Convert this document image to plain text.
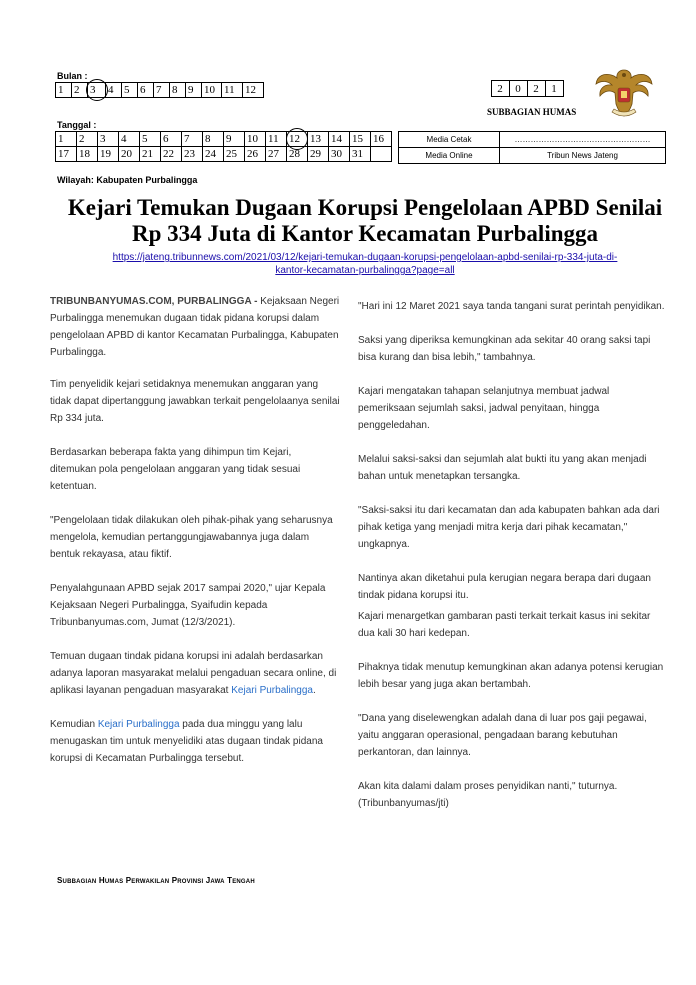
Bulan :
1	2	3	4	5	6	7	8	9	10	11	12
Tanggal :
1	2	3	4	5	6	7	8	9	10	11	12	13	14	15	16
17	18	19	20	21	22	23	24	25	26	27	28	29	30	31	
2	0	2	1
SUBBAGIAN HUMAS
Media Cetak	……………………………………………
Media Online	Tribun News Jateng
Wilayah: Kabupaten Purbalingga
Kejari Temukan Dugaan Korupsi Pengelolaan APBD Senilai
Rp 334 Juta di Kantor Kecamatan Purbalingga
https://jateng.tribunnews.com/2021/03/12/kejari-temukan-dugaan-korupsi-pengelolaan-apbd-senilai-rp-334-juta-di-
kantor-kecamatan-purbalingga?page=all

TRIBUNBANYUMAS.COM, PURBALINGGA - Kejaksaan Negeri Purbalingga menemukan dugaan tidak pidana korupsi dalam pengelolaan APBD di kantor Kecamatan Purbalingga, Kabupaten Purbalingga.

Tim penyelidik kejari setidaknya menemukan anggaran yang tidak dapat dipertanggung jawabkan terkait pengelolaanya senilai Rp 334 juta.

Berdasarkan beberapa fakta yang dihimpun tim Kejari, ditemukan pola pengelolaan anggaran yang tidak sesuai ketentuan.

"Pengelolaan tidak dilakukan oleh pihak-pihak yang seharusnya mengelola, kemudian pertanggungjawabannya juga dalam bentuk rekayasa, atau fiktif.

Penyalahgunaan APBD sejak 2017 sampai 2020," ujar Kepala Kejaksaan Negeri Purbalingga, Syaifudin kepada Tribunbanyumas.com, Jumat (12/3/2021).

Temuan dugaan tindak pidana korupsi ini adalah berdasarkan adanya laporan masyarakat melalui pengaduan secara online, di aplikasi layanan pengaduan masyarakat Kejari Purbalingga.

Kemudian Kejari Purbalingga pada dua minggu yang lalu menugaskan tim untuk menyelidiki atas dugaan tindak pidana korupsi di Kecamatan Purbalingga tersebut.

"Hari ini 12 Maret 2021 saya tanda tangani surat perintah penyidikan.

Saksi yang diperiksa kemungkinan ada sekitar 40 orang saksi tapi bisa kurang dan bisa lebih," tambahnya.

Kajari mengatakan tahapan selanjutnya membuat jadwal pemeriksaan sejumlah saksi, jadwal penyitaan, hingga penggeledahan.

Melalui saksi-saksi dan sejumlah alat bukti itu yang akan menjadi bahan untuk menetapkan tersangka.

"Saksi-saksi itu dari kecamatan dan ada kabupaten bahkan ada dari pihak ketiga yang menjadi mitra kerja dari pihak kecamatan," ungkapnya.

Nantinya akan diketahui pula kerugian negara berapa dari dugaan tindak pidana korupsi itu.

Kajari menargetkan gambaran pasti terkait terkait kasus ini sekitar dua kali 30 hari kedepan.

Pihaknya tidak menutup kemungkinan akan adanya potensi kerugian lebih besar yang juga akan bertambah.

"Dana yang diselewengkan adalah dana di luar pos gaji pegawai, yaitu anggaran operasional, pengadaan barang kebutuhan perkantoran, dan lainnya.

Akan kita dalami dalam proses penyidikan nanti," tuturnya. (Tribunbanyumas/jti)

Subbagian Humas Perwakilan Provinsi Jawa Tengah
